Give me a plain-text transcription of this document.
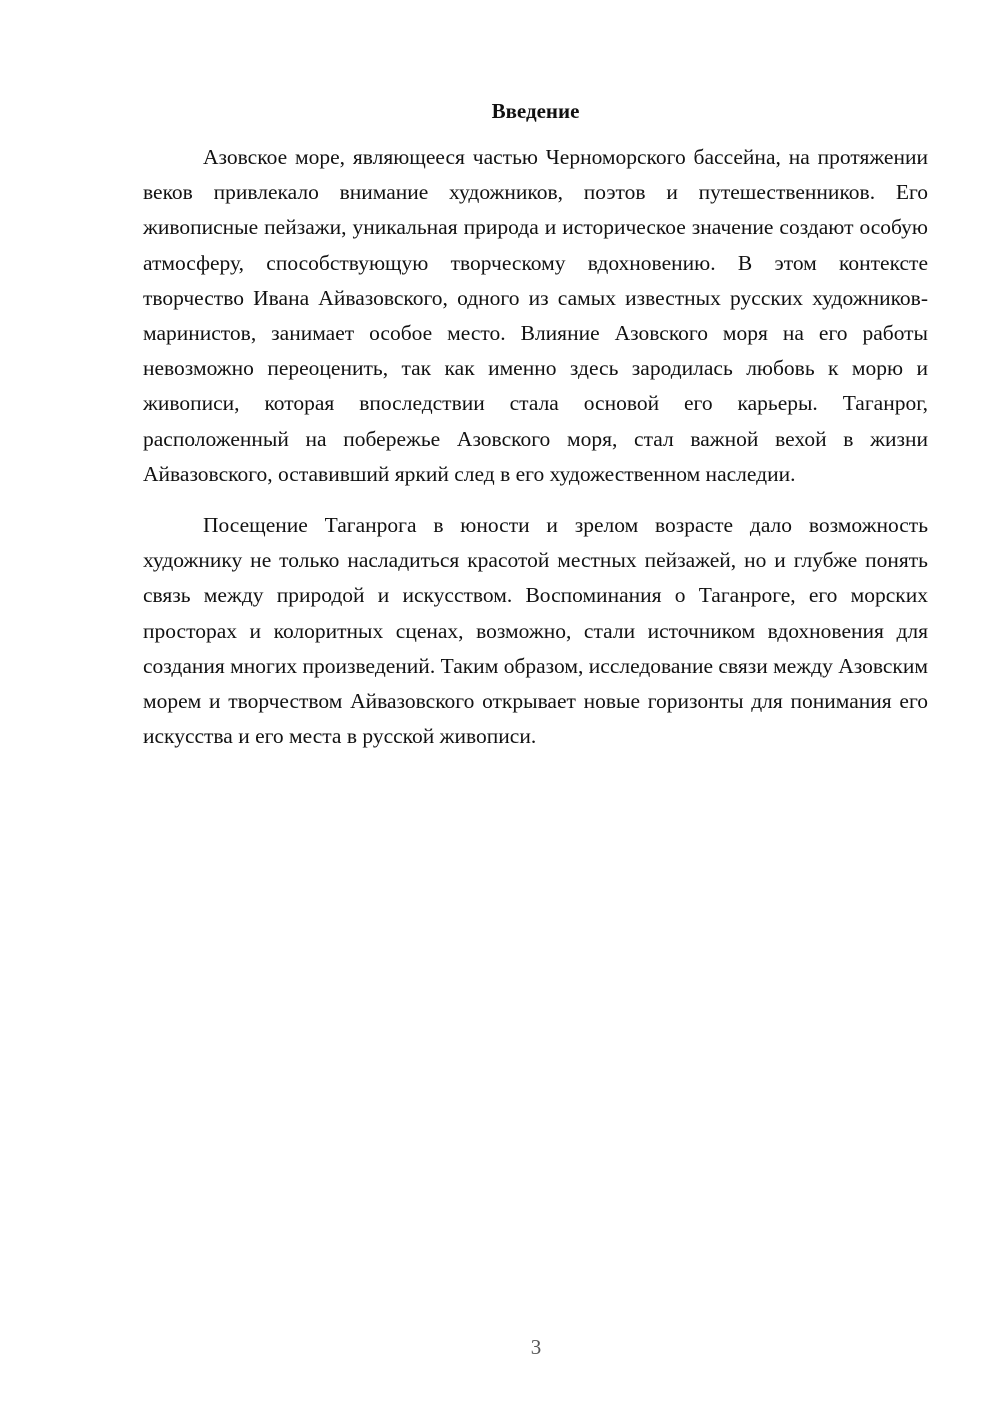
Введение

Азовское море, являющееся частью Черноморского бассейна, на протяжении веков привлекало внимание художников, поэтов и путешественников. Его живописные пейзажи, уникальная природа и историческое значение создают особую атмосферу, способствующую творческому вдохновению. В этом контексте творчество Ивана Айвазовского, одного из самых известных русских художников-маринистов, занимает особое место. Влияние Азовского моря на его работы невозможно переоценить, так как именно здесь зародилась любовь к морю и живописи, которая впоследствии стала основой его карьеры. Таганрог, расположенный на побережье Азовского моря, стал важной вехой в жизни Айвазовского, оставивший яркий след в его художественном наследии.

Посещение Таганрога в юности и зрелом возрасте дало возможность художнику не только насладиться красотой местных пейзажей, но и глубже понять связь между природой и искусством. Воспоминания о Таганроге, его морских просторах и колоритных сценах, возможно, стали источником вдохновения для создания многих произведений. Таким образом, исследование связи между Азовским морем и творчеством Айвазовского открывает новые горизонты для понимания его искусства и его места в русской живописи.

3
